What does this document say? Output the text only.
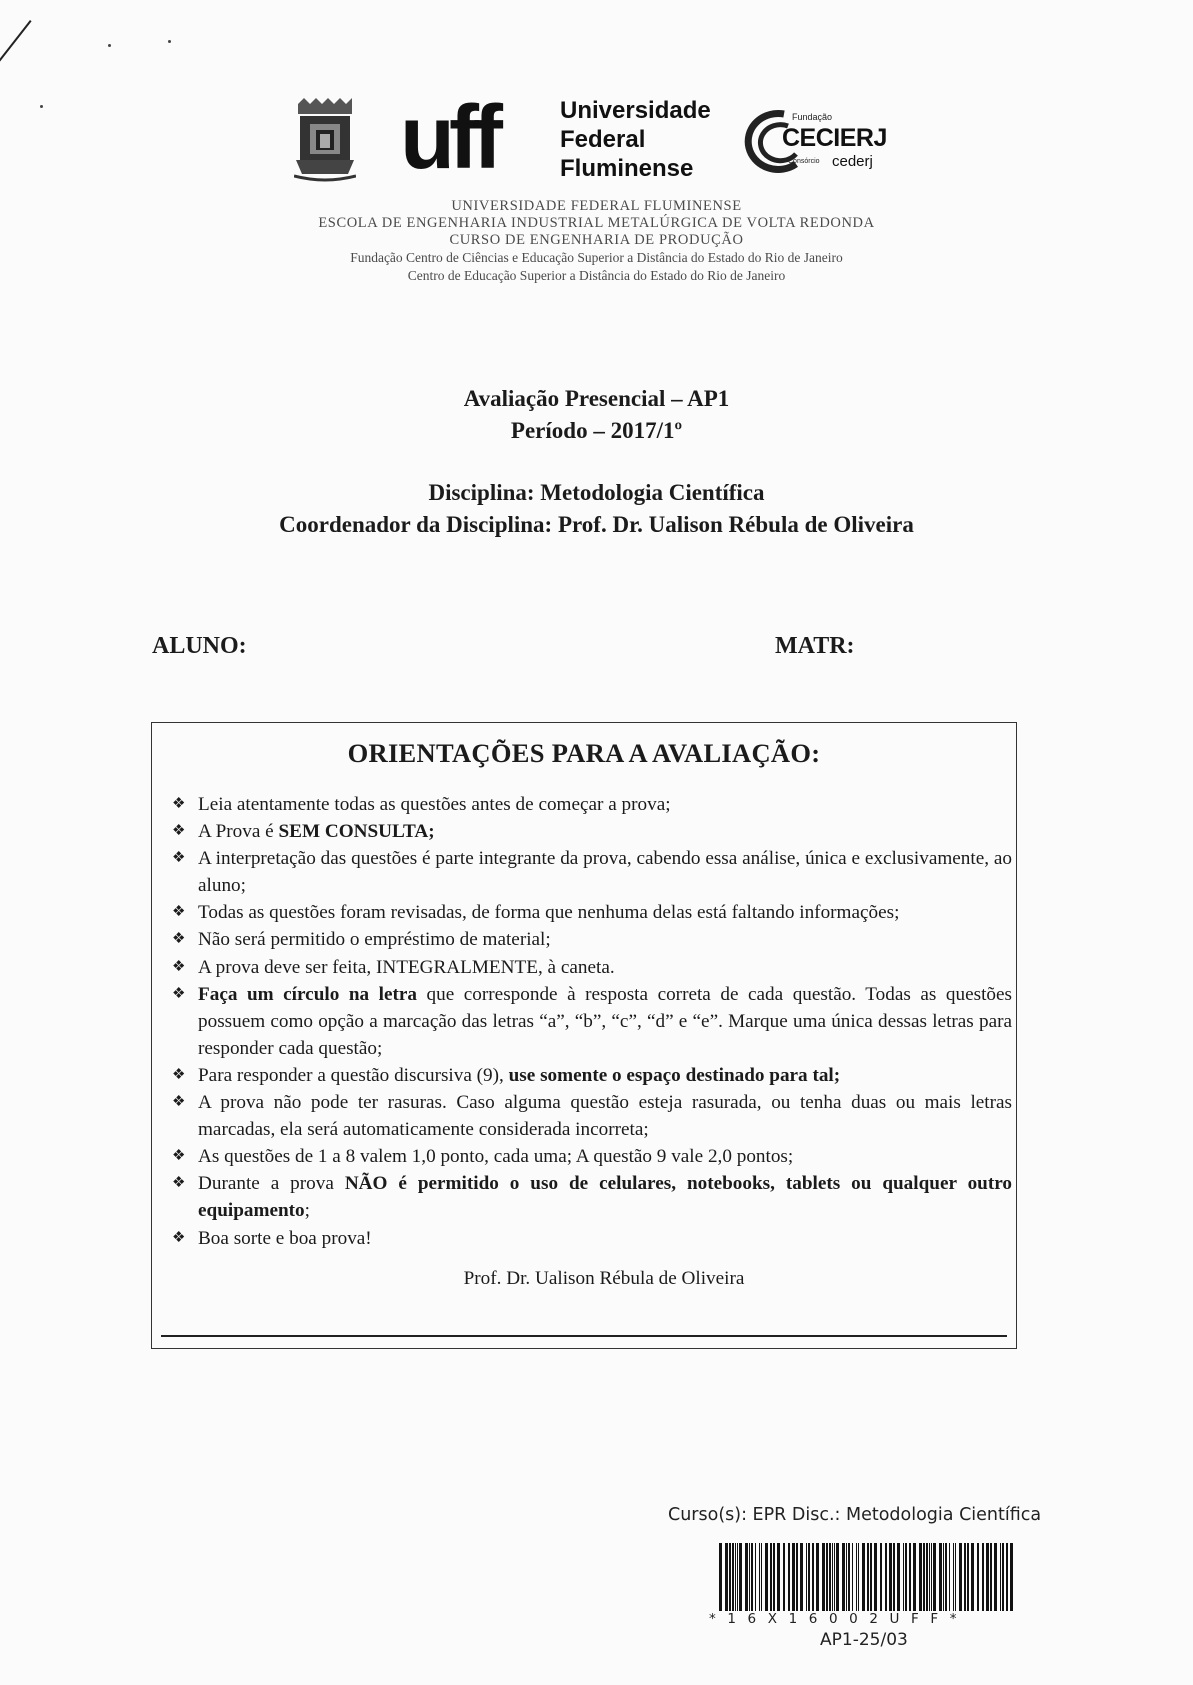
uff	Universidade
Federal
Fluminense
Fundação
CECIERJ
Consórcio cederj
UNIVERSIDADE FEDERAL FLUMINENSE
ESCOLA DE ENGENHARIA INDUSTRIAL METALÚRGICA DE VOLTA REDONDA
CURSO DE ENGENHARIA DE PRODUÇÃO
Fundação Centro de Ciências e Educação Superior a Distância do Estado do Rio de Janeiro
Centro de Educação Superior a Distância do Estado do Rio de Janeiro
Avaliação Presencial – AP1
Período – 2017/1º
Disciplina: Metodologia Científica
Coordenador da Disciplina: Prof. Dr. Ualison Rébula de Oliveira
ALUNO:	MATR:
ORIENTAÇÕES PARA A AVALIAÇÃO:
❖ Leia atentamente todas as questões antes de começar a prova;
❖ A Prova é SEM CONSULTA;
❖ A interpretação das questões é parte integrante da prova, cabendo essa análise, única e exclusivamente, ao aluno;
❖ Todas as questões foram revisadas, de forma que nenhuma delas está faltando informações;
❖ Não será permitido o empréstimo de material;
❖ A prova deve ser feita, INTEGRALMENTE, à caneta.
❖ Faça um círculo na letra que corresponde à resposta correta de cada questão. Todas as questões possuem como opção a marcação das letras “a”, “b”, “c”, “d” e “e”. Marque uma única dessas letras para responder cada questão;
❖ Para responder a questão discursiva (9), use somente o espaço destinado para tal;
❖ A prova não pode ter rasuras. Caso alguma questão esteja rasurada, ou tenha duas ou mais letras marcadas, ela será automaticamente considerada incorreta;
❖ As questões de 1 a 8 valem 1,0 ponto, cada uma; A questão 9 vale 2,0 pontos;
❖ Durante a prova NÃO é permitido o uso de celulares, notebooks, tablets ou qualquer outro equipamento;
❖ Boa sorte e boa prova!
Prof. Dr. Ualison Rébula de Oliveira
Curso(s): EPR Disc.: Metodologia Científica
*16X16002UFF*
AP1-25/03
